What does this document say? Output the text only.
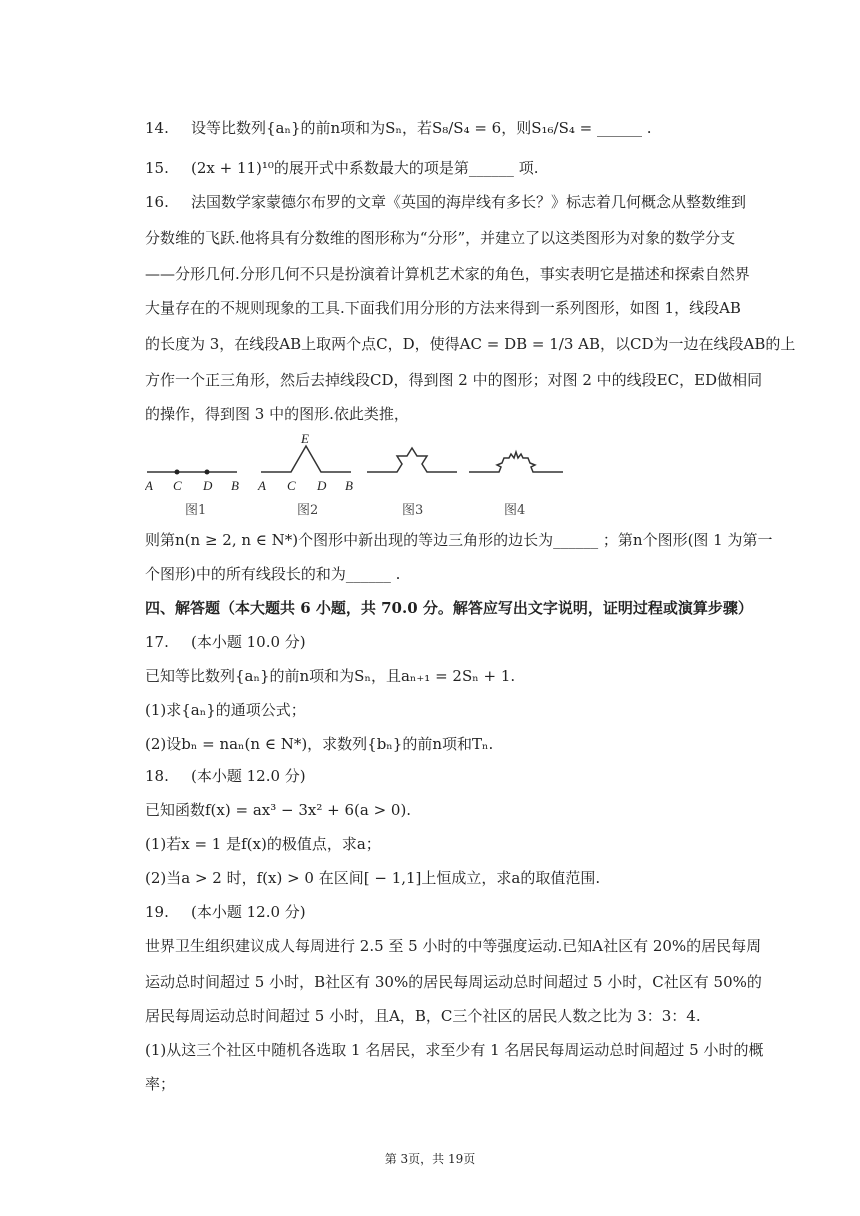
14. 设等比数列{aₙ}的前n项和为Sₙ，若S₈/S₄ = 6，则S₁₆/S₄ = ______ .
15. (2x + 11)¹⁰的展开式中系数最大的项是第______ 项.
16. 法国数学家蒙德尔布罗的文章《英国的海岸线有多长？》标志着几何概念从整数维到
分数维的飞跃.他将具有分数维的图形称为“分形”，并建立了以这类图形为对象的数学分支
——分形几何.分形几何不只是扮演着计算机艺术家的角色，事实表明它是描述和探索自然界
大量存在的不规则现象的工具.下面我们用分形的方法来得到一系列图形，如图 1，线段AB
的长度为 3，在线段AB上取两个点C，D，使得AC = DB = 1/3 AB，以CD为一边在线段AB的上
方作一个正三角形，然后去掉线段CD，得到图 2 中的图形；对图 2 中的线段EC，ED做相同
的操作，得到图 3 中的图形.依此类推，
A C D B A C D B
E
图1	图2	图3	图4
则第n(n ≥ 2, n ∈ N*)个图形中新出现的等边三角形的边长为______ ；第n个图形(图 1 为第一
个图形)中的所有线段长的和为______ .
四、解答题（本大题共 6 小题，共 70.0 分。解答应写出文字说明，证明过程或演算步骤）
17. (本小题 10.0 分)
已知等比数列{aₙ}的前n项和为Sₙ，且aₙ₊₁ = 2Sₙ + 1.
(1)求{aₙ}的通项公式；
(2)设bₙ = naₙ(n ∈ N*)，求数列{bₙ}的前n项和Tₙ.
18. (本小题 12.0 分)
已知函数f(x) = ax³ − 3x² + 6(a > 0).
(1)若x = 1 是f(x)的极值点，求a；
(2)当a > 2 时，f(x) > 0 在区间[ − 1,1]上恒成立，求a的取值范围.
19. (本小题 12.0 分)
世界卫生组织建议成人每周进行 2.5 至 5 小时的中等强度运动.已知A社区有 20%的居民每周
运动总时间超过 5 小时，B社区有 30%的居民每周运动总时间超过 5 小时，C社区有 50%的
居民每周运动总时间超过 5 小时，且A，B，C三个社区的居民人数之比为 3：3：4.
(1)从这三个社区中随机各选取 1 名居民，求至少有 1 名居民每周运动总时间超过 5 小时的概
率；
第 3页，共 19页
